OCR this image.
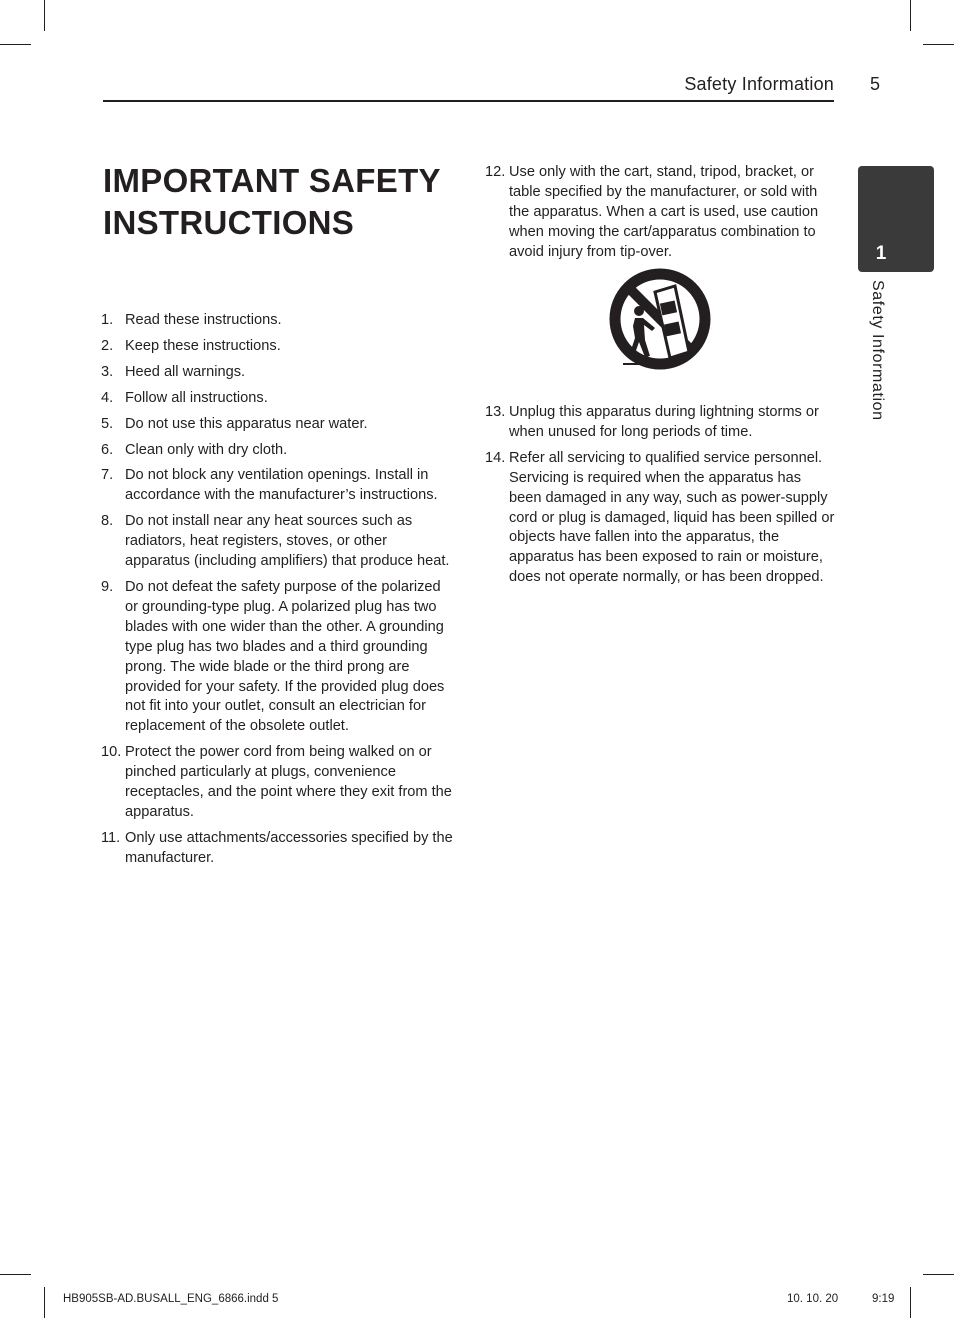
Safety Information 5
1
Safety Information
IMPORTANT SAFETY INSTRUCTIONS
1. Read these instructions.
2. Keep these instructions.
3. Heed all warnings.
4. Follow all instructions.
5. Do not use this apparatus near water.
6. Clean only with dry cloth.
7. Do not block any ventilation openings. Install in accordance with the manufacturer’s instructions.
8. Do not install near any heat sources such as radiators, heat registers, stoves, or other apparatus (including amplifiers) that produce heat.
9. Do not defeat the safety purpose of the polarized or grounding-type plug. A polarized plug has two blades with one wider than the other. A grounding type plug has two blades and a third grounding prong. The wide blade or the third prong are provided for your safety. If the provided plug does not fit into your outlet, consult an electrician for replacement of the obsolete outlet.
10. Protect the power cord from being walked on or pinched particularly at plugs, convenience receptacles, and the point where they exit from the apparatus.
11. Only use attachments/accessories specified by the manufacturer.
12. Use only with the cart, stand, tripod, bracket, or table specified by the manufacturer, or sold with the apparatus. When a cart is used, use caution when moving the cart/apparatus combination to avoid injury from tip-over.
13. Unplug this apparatus during lightning storms or when unused for long periods of time.
14. Refer all servicing to qualified service personnel. Servicing is required when the apparatus has been damaged in any way, such as power-supply cord or plug is damaged, liquid has been spilled or objects have fallen into the apparatus, the apparatus has been exposed to rain or moisture, does not operate normally, or has been dropped.
HB905SB-AD.BUSALL_ENG_6866.indd 5	10. 10. 20	9:19
